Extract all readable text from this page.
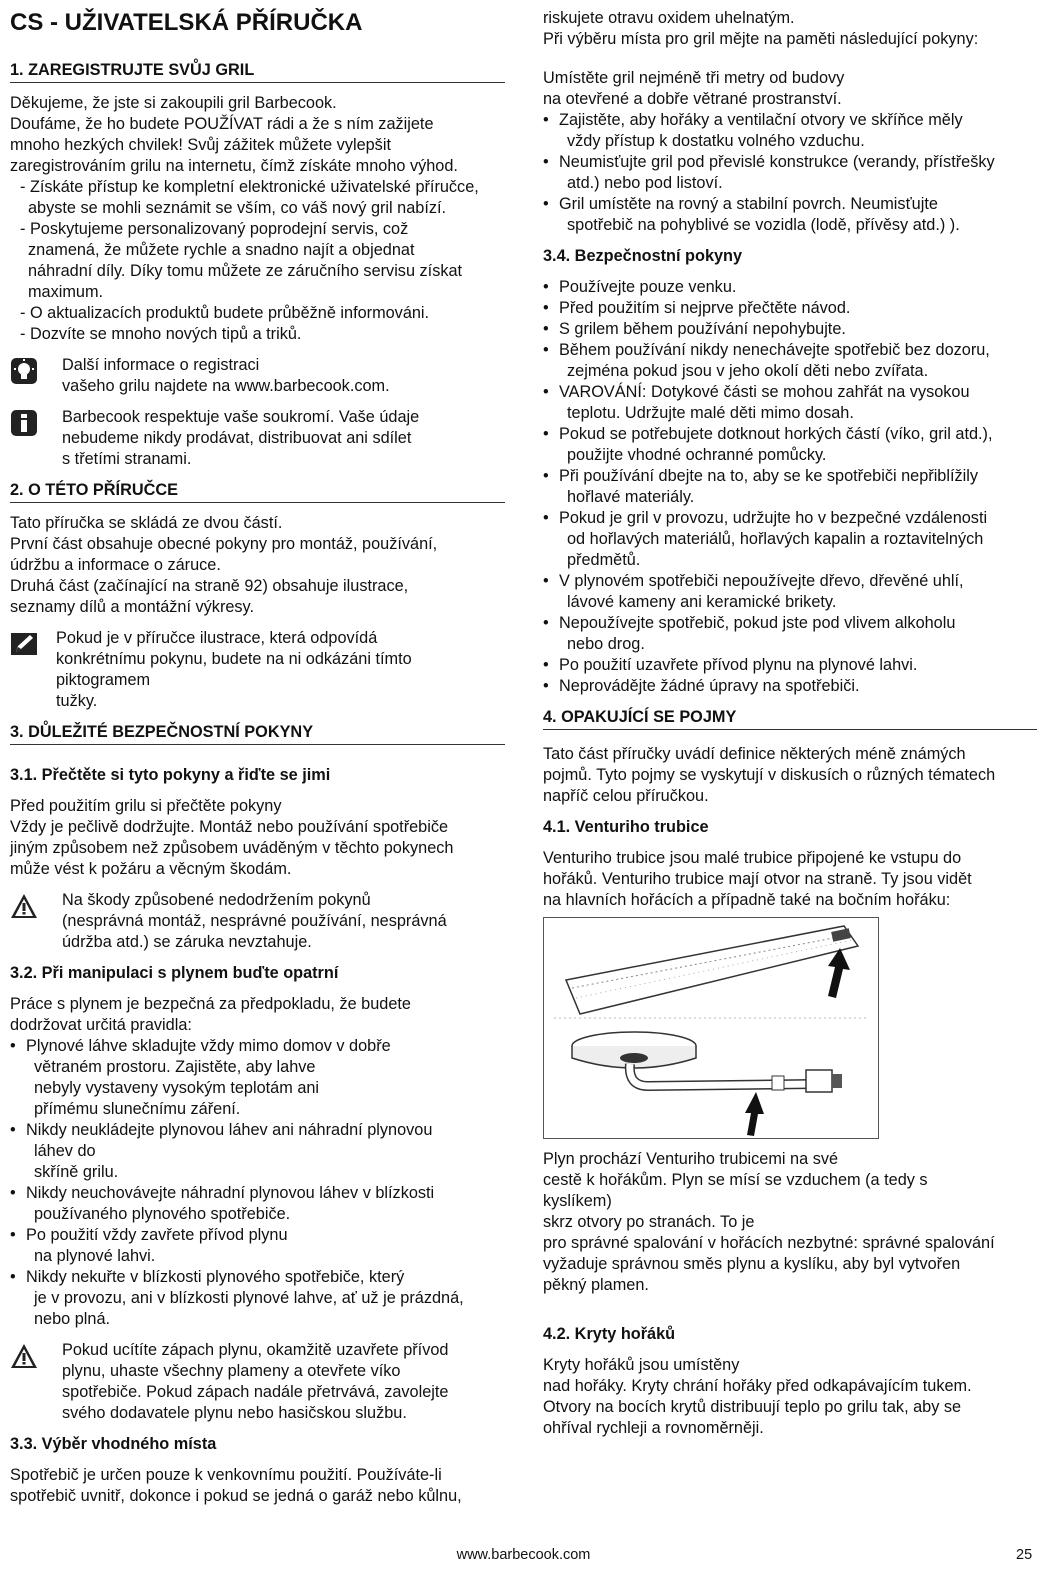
CS - UŽIVATELSKÁ PŘÍRUČKA
1. ZAREGISTRUJTE SVŮJ GRIL

Děkujeme, že jste si zakoupili gril Barbecook.

Doufáme, že ho budete POUŽÍVAT rádi a že s ním zažijete

mnoho hezkých chvilek! Svůj zážitek můžete vylepšit

zaregistrováním grilu na internetu, čímž získáte mnoho výhod.

- Získáte přístup ke kompletní elektronické uživatelské příručce,

abyste se mohli seznámit se vším, co váš nový gril nabízí.

- Poskytujeme personalizovaný poprodejní servis, což

znamená, že můžete rychle a snadno najít a objednat

náhradní díly. Díky tomu můžete ze záručního servisu získat

maximum.

- O aktualizacích produktů budete průběžně informováni.

- Dozvíte se mnoho nových tipů a triků.

Další informace o registraci

vašeho grilu najdete na www.barbecook.com.

Barbecook respektuje vaše soukromí. Vaše údaje

nebudeme nikdy prodávat, distribuovat ani sdílet

s třetími stranami.

2. O TÉTO PŘÍRUČCE

Tato příručka se skládá ze dvou částí.

První část obsahuje obecné pokyny pro montáž, používání,

údržbu a informace o záruce.

Druhá část (začínající na straně 92) obsahuje ilustrace,

seznamy dílů a montážní výkresy.

Pokud je v příručce ilustrace, která odpovídá

konkrétnímu pokynu, budete na ni odkázáni tímto

piktogramem

tužky.

3. DŮLEŽITÉ BEZPEČNOSTNÍ POKYNY
3.1. Přečtěte si tyto pokyny a řiďte se jimi

Před použitím grilu si přečtěte pokyny

Vždy je pečlivě dodržujte. Montáž nebo používání spotřebiče

jiným způsobem než způsobem uváděným v těchto pokynech

může vést k požáru a věcným škodám.

Na škody způsobené nedodržením pokynů

(nesprávná montáž, nesprávné používání, nesprávná

údržba atd.) se záruka nevztahuje.

3.2. Při manipulaci s plynem buďte opatrní

Práce s plynem je bezpečná za předpokladu, že budete

dodržovat určitá pravidla:

• Plynové láhve skladujte vždy mimo domov v dobře

větraném prostoru. Zajistěte, aby lahve

nebyly vystaveny vysokým teplotám ani

přímému slunečnímu záření.

• Nikdy neukládejte plynovou láhev ani náhradní plynovou

láhev do

skříně grilu.

• Nikdy neuchovávejte náhradní plynovou láhev v blízkosti

používaného plynového spotřebiče.

• Po použití vždy zavřete přívod plynu

na plynové lahvi.

• Nikdy nekuřte v blízkosti plynového spotřebiče, který

je v provozu, ani v blízkosti plynové lahve, ať už je prázdná,

nebo plná.

Pokud ucítíte zápach plynu, okamžitě uzavřete přívod

plynu, uhaste všechny plameny a otevřete víko

spotřebiče. Pokud zápach nadále přetrvává, zavolejte

svého dodavatele plynu nebo hasičskou službu.

3.3. Výběr vhodného místa

Spotřebič je určen pouze k venkovnímu použití. Používáte-li

spotřebič uvnitř, dokonce i pokud se jedná o garáž nebo kůlnu,

riskujete otravu oxidem uhelnatým.

Při výběru místa pro gril mějte na paměti následující pokyny:

Umístěte gril nejméně tři metry od budovy

na otevřené a dobře větrané prostranství.

• Zajistěte, aby hořáky a ventilační otvory ve skříňce měly

vždy přístup k dostatku volného vzduchu.

• Neumisťujte gril pod převislé konstrukce (verandy, přístřešky

atd.) nebo pod listoví.

• Gril umístěte na rovný a stabilní povrch. Neumisťujte

spotřebič na pohyblivé se vozidla (lodě, přívěsy atd.) ).

3.4. Bezpečnostní pokyny

• Používejte pouze venku.

• Před použitím si nejprve přečtěte návod.

• S grilem během používání nepohybujte.

• Během používání nikdy nenechávejte spotřebič bez dozoru,

zejména pokud jsou v jeho okolí děti nebo zvířata.

• VAROVÁNÍ: Dotykové části se mohou zahřát na vysokou

teplotu. Udržujte malé děti mimo dosah.

• Pokud se potřebujete dotknout horkých částí (víko, gril atd.),

použijte vhodné ochranné pomůcky.

• Při používání dbejte na to, aby se ke spotřebiči nepřiblížily

hořlavé materiály.

• Pokud je gril v provozu, udržujte ho v bezpečné vzdálenosti

od hořlavých materiálů, hořlavých kapalin a roztavitelných

předmětů.

• V plynovém spotřebiči nepoužívejte dřevo, dřevěné uhlí,

lávové kameny ani keramické brikety.

• Nepoužívejte spotřebič, pokud jste pod vlivem alkoholu

nebo drog.

• Po použití uzavřete přívod plynu na plynové lahvi.

• Neprovádějte žádné úpravy na spotřebiči.

4. OPAKUJÍCÍ SE POJMY

Tato část příručky uvádí definice některých méně známých

pojmů. Tyto pojmy se vyskytují v diskusích o různých tématech

napříč celou příručkou.

4.1. Venturiho trubice

Venturiho trubice jsou malé trubice připojené ke vstupu do

hořáků. Venturiho trubice mají otvor na straně. Ty jsou vidět

na hlavních hořácích a případně také na bočním hořáku:

Plyn prochází Venturiho trubicemi na své

cestě k hořákům. Plyn se mísí se vzduchem (a tedy s

kyslíkem)

skrz otvory po stranách. To je

pro správné spalování v hořácích nezbytné: správné spalování

vyžaduje správnou směs plynu a kyslíku, aby byl vytvořen

pěkný plamen.

4.2. Kryty hořáků

Kryty hořáků jsou umístěny

nad hořáky. Kryty chrání hořáky před odkapávajícím tukem.

Otvory na bocích krytů distribuují teplo po grilu tak, aby se

ohříval rychleji a rovnoměrněji.

www.barbecook.com	25
